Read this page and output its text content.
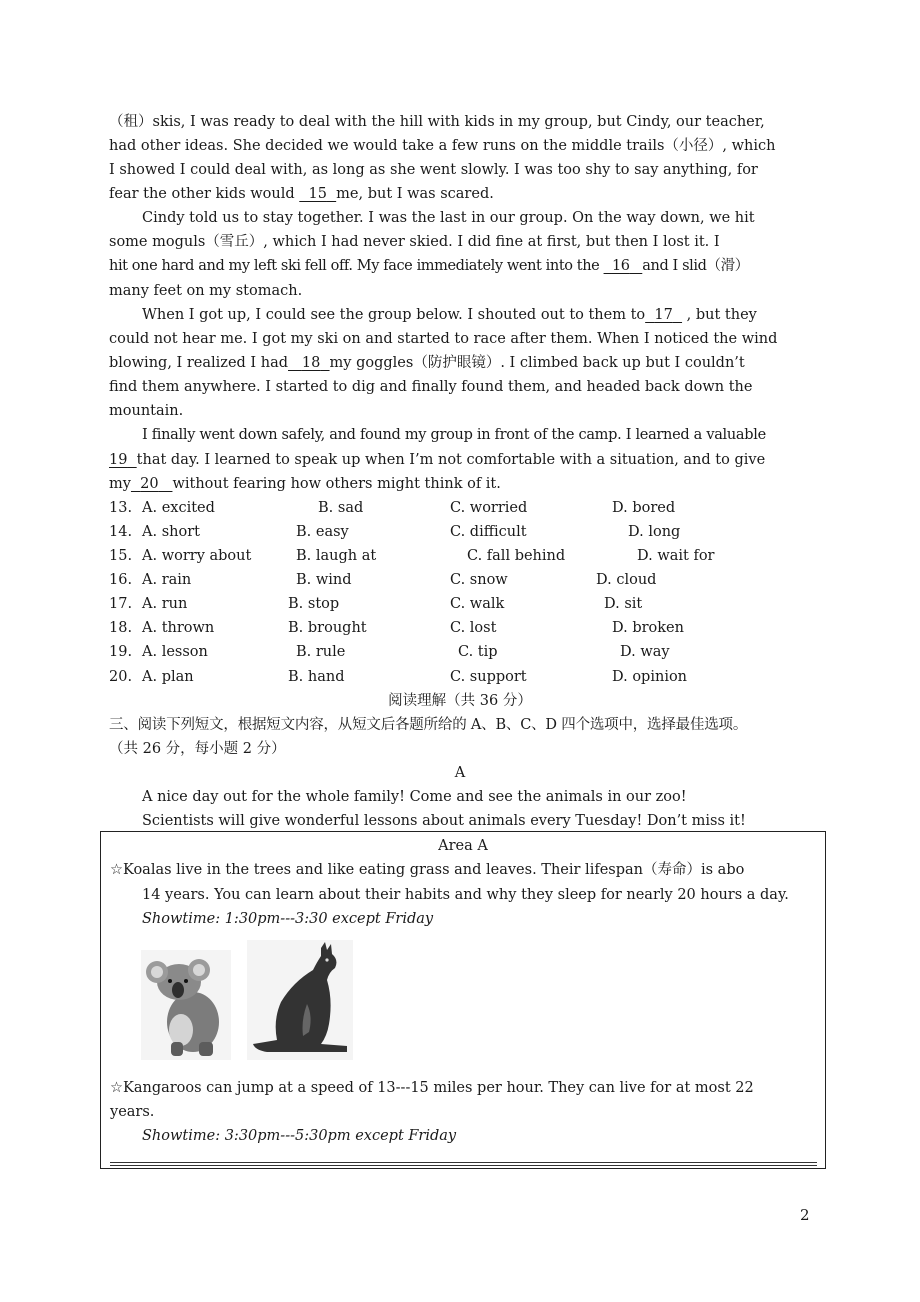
（租）skis, I was ready to deal with the hill with kids in my group, but Cindy, our teacher,
had other ideas. She decided we would take a few runs on the middle trails（小径）, which
I showed I could deal with, as long as she went slowly. I was too shy to say anything, for
fear the other kids would   15 me, but I was scared.
Cindy told us to stay together. I was the last in our group. On the way down, we hit
some moguls（雪丘）, which I had never skied. I did fine at first, but then I lost it. I
hit one hard and my left ski fell off. My face immediately went into the   16 and I slid（滑）
many feet on my stomach.
When I got up, I could see the group below. I shouted out to them to 17   , but they
could not hear me. I got my ski on and started to race after them. When I noticed the wind
blowing, I realized I had 18 my goggles（防护眼镜）. I climbed back up but I couldn’t
find them anywhere. I started to dig and finally found them, and headed back down the
mountain.
I finally went down safely, and found my group in front of the camp. I learned a valuable
19 that day. I learned to speak up when I’m not comfortable with a situation, and to give
my 20 without fearing how others might think of it.
13. A. excited	B. sad	C. worried	D. bored
14. A. short	B. easy	C. difficult	D. long
15. A. worry about	B. laugh at	C. fall behind	D. wait for
16. A. rain	B. wind	C. snow	D. cloud
17. A. run	B. stop	C. walk	D. sit
18. A. thrown	B. brought	C. lost	D. broken
19. A. lesson	B. rule	C. tip	D. way
20. A. plan	B. hand	C. support	D. opinion
阅读理解（共 36 分）
三、阅读下列短文，根据短文内容，从短文后各题所给的 A、B、C、D 四个选项中，选择最佳选项。
（共 26 分，每小题 2 分）
A
A nice day out for the whole family! Come and see the animals in our zoo!
Scientists will give wonderful lessons about animals every Tuesday! Don’t miss it!
Area A
☆Koalas live in the trees and like eating grass and leaves. Their lifespan（寿命）is abo
14 years. You can learn about their habits and why they sleep for nearly 20 hours a day.
Showtime: 1:30pm---3:30 except Friday
☆Kangaroos can jump at a speed of 13---15 miles per hour. They can live for at most 22
years.
Showtime: 3:30pm---5:30pm except Friday
2
